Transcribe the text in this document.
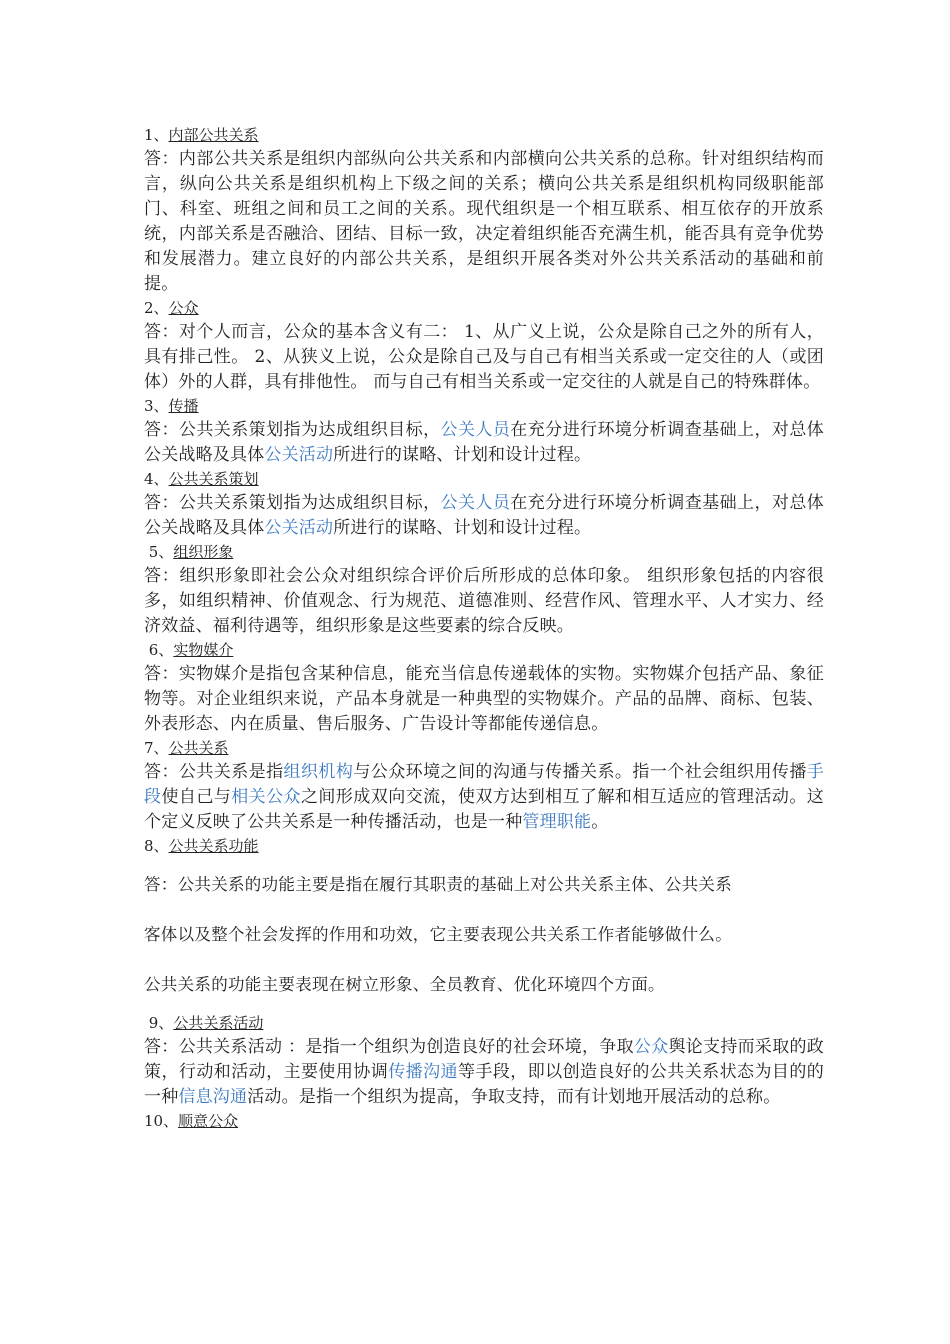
1、内部公共关系

答：内部公共关系是组织内部纵向公共关系和内部横向公共关系的总称。针对组织结构而言，纵向公共关系是组织机构上下级之间的关系；横向公共关系是组织机构同级职能部门、科室、班组之间和员工之间的关系。现代组织是一个相互联系、相互依存的开放系统，内部关系是否融洽、团结、目标一致，决定着组织能否充满生机，能否具有竞争优势和发展潜力。建立良好的内部公共关系，是组织开展各类对外公共关系活动的基础和前提。

2、公众

答：对个人而言，公众的基本含义有二： 1、从广义上说，公众是除自己之外的所有人，具有排己性。 2、从狭义上说，公众是除自己及与自己有相当关系或一定交往的人（或团体）外的人群，具有排他性。 而与自己有相当关系或一定交往的人就是自己的特殊群体。

3、传播

答：公共关系策划指为达成组织目标，公关人员在充分进行环境分析调查基础上，对总体公关战略及具体公关活动所进行的谋略、计划和设计过程。

4、公共关系策划

答：公共关系策划指为达成组织目标，公关人员在充分进行环境分析调查基础上，对总体公关战略及具体公关活动所进行的谋略、计划和设计过程。

5、组织形象

答：组织形象即社会公众对组织综合评价后所形成的总体印象。 组织形象包括的内容很多，如组织精神、价值观念、行为规范、道德准则、经营作风、管理水平、人才实力、经济效益、福利待遇等，组织形象是这些要素的综合反映。

6、实物媒介

答：实物媒介是指包含某种信息，能充当信息传递载体的实物。实物媒介包括产品、象征物等。对企业组织来说，产品本身就是一种典型的实物媒介。产品的品牌、商标、包装、外表形态、内在质量、售后服务、广告设计等都能传递信息。

7、公共关系

答：公共关系是指组织机构与公众环境之间的沟通与传播关系。指一个社会组织用传播手段使自己与相关公众之间形成双向交流，使双方达到相互了解和相互适应的管理活动。这个定义反映了公共关系是一种传播活动，也是一种管理职能。

8、公共关系功能

答：公共关系的功能主要是指在履行其职责的基础上对公共关系主体、公共关系

客体以及整个社会发挥的作用和功效，它主要表现公共关系工作者能够做什么。

公共关系的功能主要表现在树立形象、全员教育、优化环境四个方面。

9、公共关系活动

答：公共关系活动 ：是指一个组织为创造良好的社会环境，争取公众舆论支持而采取的政策，行动和活动，主要使用协调传播沟通等手段，即以创造良好的公共关系状态为目的的一种信息沟通活动。是指一个组织为提高，争取支持，而有计划地开展活动的总称。

10、顺意公众
